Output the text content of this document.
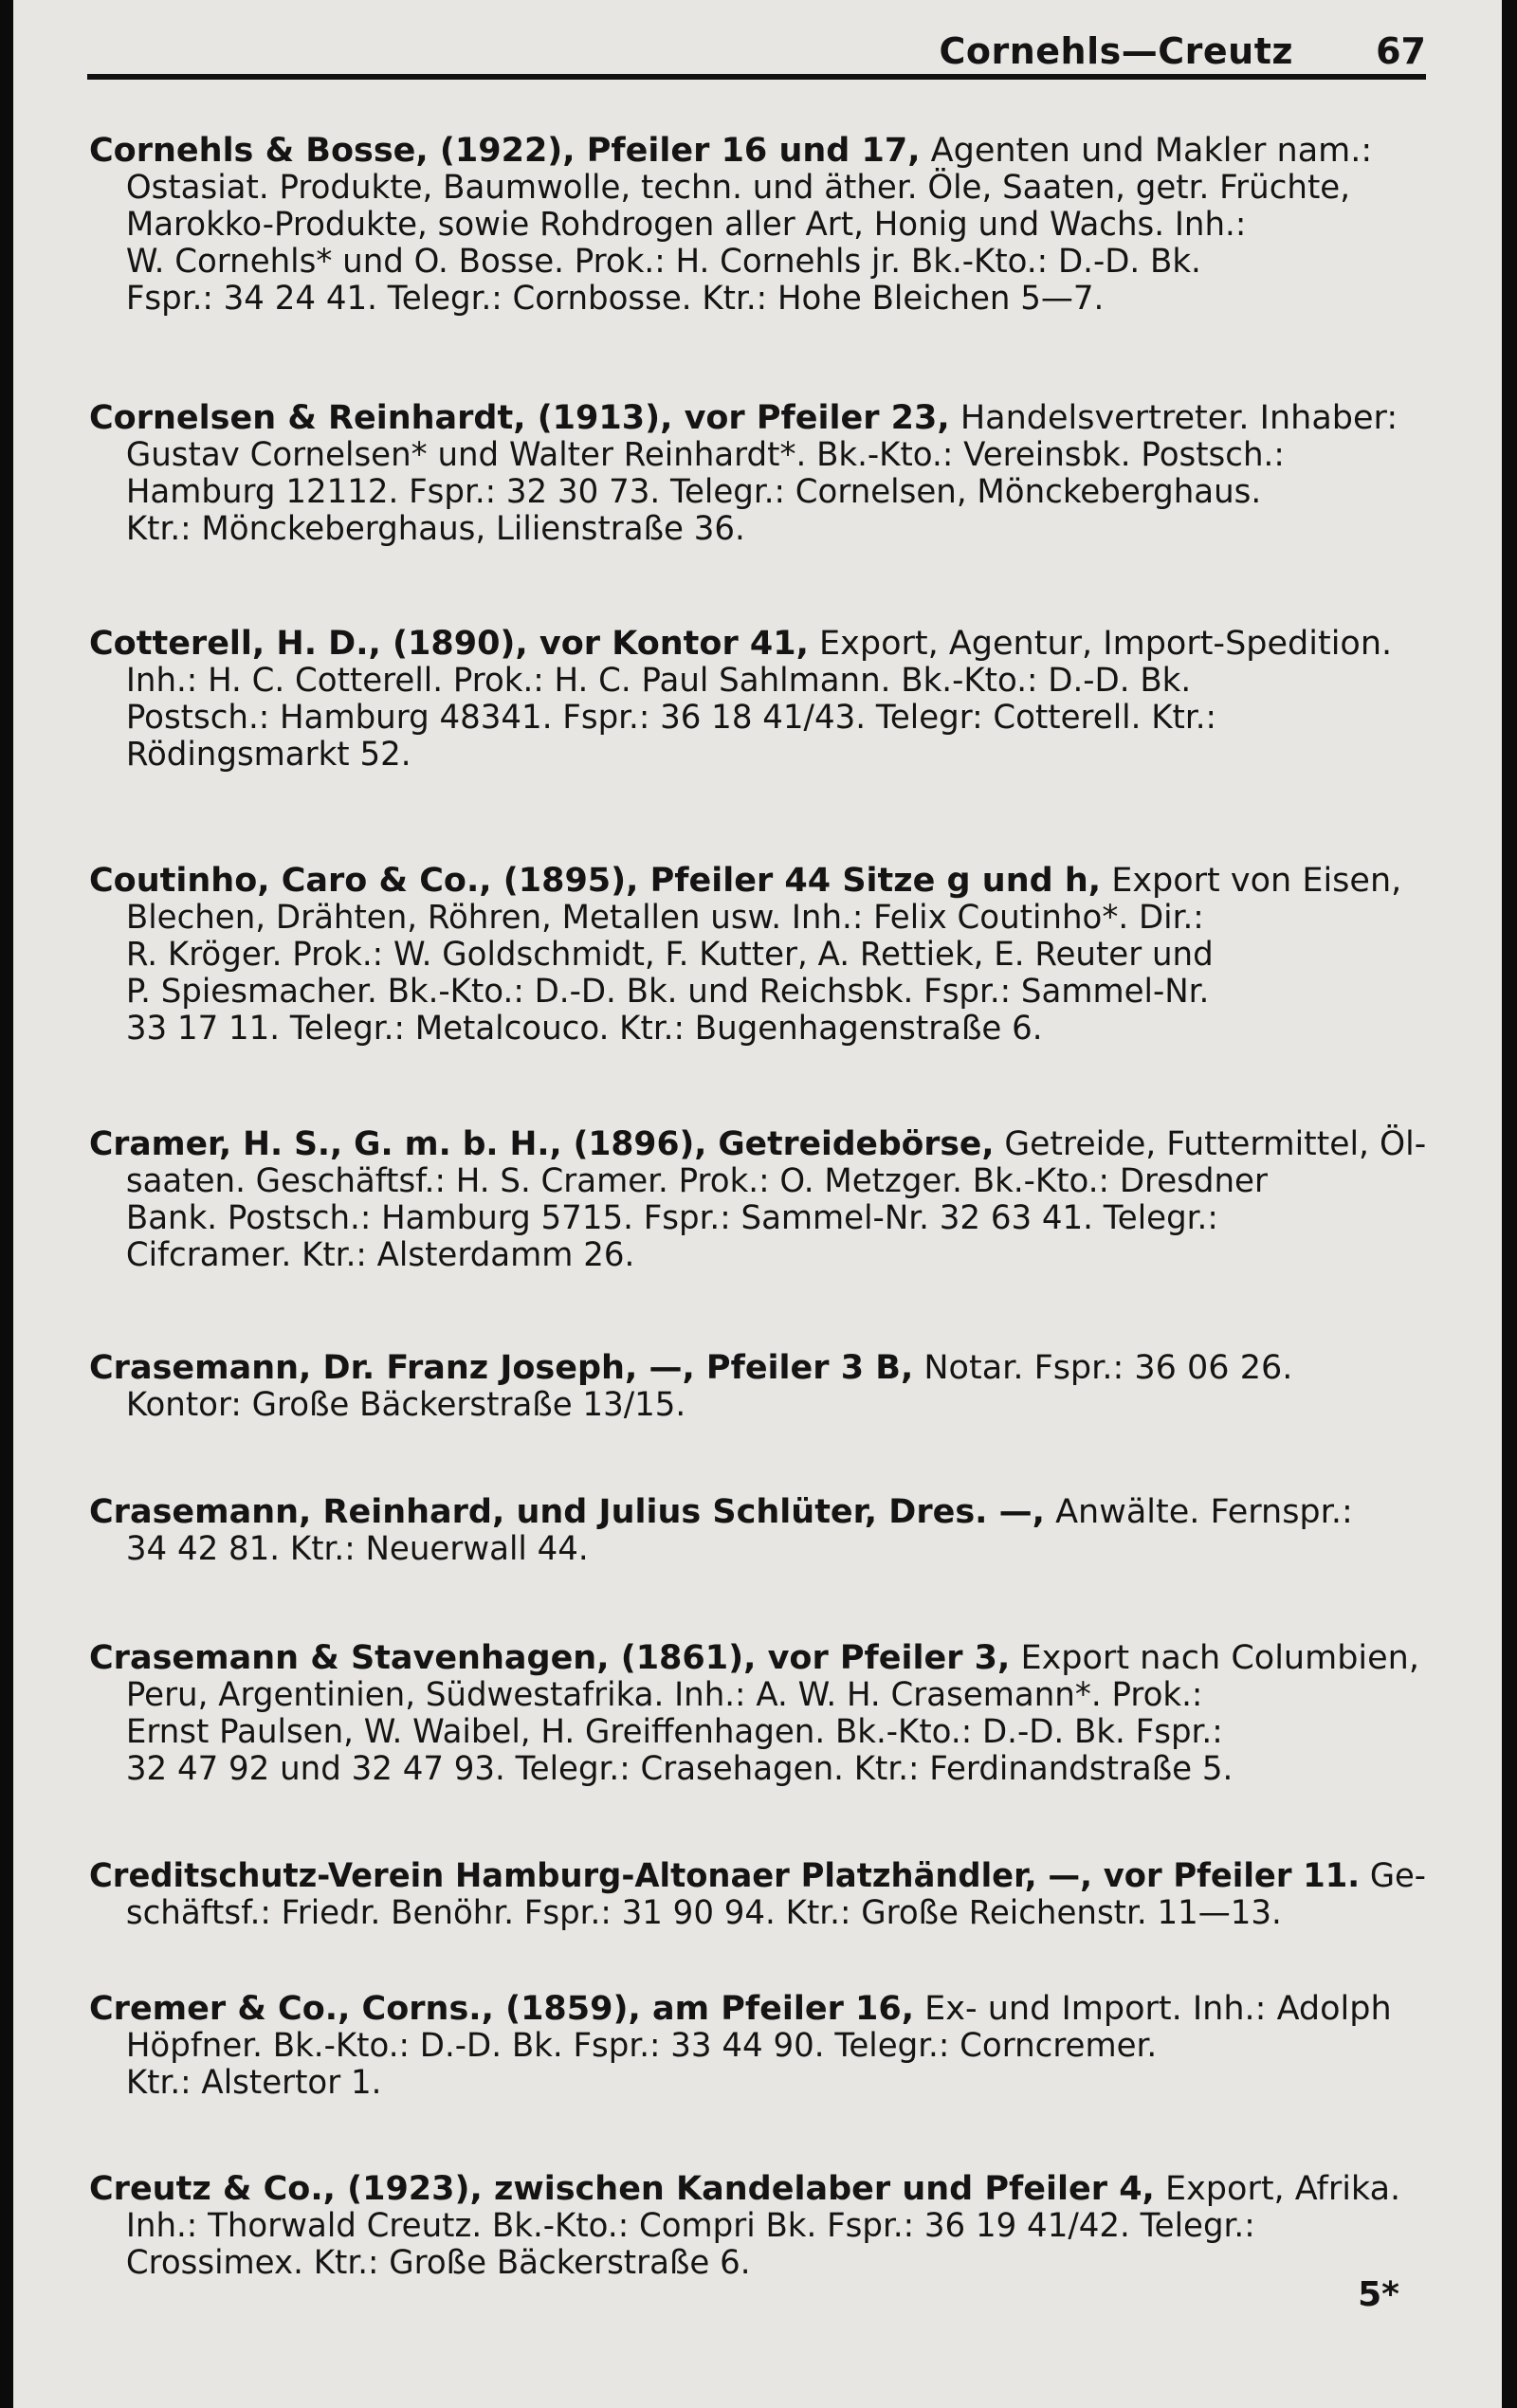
Cornehls—Creutz 67
Cornehls & Bosse, (1922), Pfeiler 16 und 17, Agenten und Makler nam.:
Ostasiat. Produkte, Baumwolle, techn. und äther. Öle, Saaten, getr. Früchte,
Marokko-Produkte, sowie Rohdrogen aller Art, Honig und Wachs. Inh.:
W. Cornehls* und O. Bosse. Prok.: H. Cornehls jr. Bk.-Kto.: D.-D. Bk.
Fspr.: 34 24 41. Telegr.: Cornbosse. Ktr.: Hohe Bleichen 5—7.
Cornelsen & Reinhardt, (1913), vor Pfeiler 23, Handelsvertreter. Inhaber:
Gustav Cornelsen* und Walter Reinhardt*. Bk.-Kto.: Vereinsbk. Postsch.:
Hamburg 12112. Fspr.: 32 30 73. Telegr.: Cornelsen, Mönckeberghaus.
Ktr.: Mönckeberghaus, Lilienstraße 36.
Cotterell, H. D., (1890), vor Kontor 41, Export, Agentur, Import-Spedition.
Inh.: H. C. Cotterell. Prok.: H. C. Paul Sahlmann. Bk.-Kto.: D.-D. Bk.
Postsch.: Hamburg 48341. Fspr.: 36 18 41/43. Telegr: Cotterell. Ktr.:
Rödingsmarkt 52.
Coutinho, Caro & Co., (1895), Pfeiler 44 Sitze g und h, Export von Eisen,
Blechen, Drähten, Röhren, Metallen usw. Inh.: Felix Coutinho*. Dir.:
R. Kröger. Prok.: W. Goldschmidt, F. Kutter, A. Rettiek, E. Reuter und
P. Spiesmacher. Bk.-Kto.: D.-D. Bk. und Reichsbk. Fspr.: Sammel-Nr.
33 17 11. Telegr.: Metalcouco. Ktr.: Bugenhagenstraße 6.
Cramer, H. S., G. m. b. H., (1896), Getreidebörse, Getreide, Futtermittel, Öl-
saaten. Geschäftsf.: H. S. Cramer. Prok.: O. Metzger. Bk.-Kto.: Dresdner
Bank. Postsch.: Hamburg 5715. Fspr.: Sammel-Nr. 32 63 41. Telegr.:
Cifcramer. Ktr.: Alsterdamm 26.
Crasemann, Dr. Franz Joseph, —, Pfeiler 3 B, Notar. Fspr.: 36 06 26.
Kontor: Große Bäckerstraße 13/15.
Crasemann, Reinhard, und Julius Schlüter, Dres. —, Anwälte. Fernspr.:
34 42 81. Ktr.: Neuerwall 44.
Crasemann & Stavenhagen, (1861), vor Pfeiler 3, Export nach Columbien,
Peru, Argentinien, Südwestafrika. Inh.: A. W. H. Crasemann*. Prok.:
Ernst Paulsen, W. Waibel, H. Greiffenhagen. Bk.-Kto.: D.-D. Bk. Fspr.:
32 47 92 und 32 47 93. Telegr.: Crasehagen. Ktr.: Ferdinandstraße 5.
Creditschutz-Verein Hamburg-Altonaer Platzhändler, —, vor Pfeiler 11. Ge-
schäftsf.: Friedr. Benöhr. Fspr.: 31 90 94. Ktr.: Große Reichenstr. 11—13.
Cremer & Co., Corns., (1859), am Pfeiler 16, Ex- und Import. Inh.: Adolph
Höpfner. Bk.-Kto.: D.-D. Bk. Fspr.: 33 44 90. Telegr.: Corncremer.
Ktr.: Alstertor 1.
Creutz & Co., (1923), zwischen Kandelaber und Pfeiler 4, Export, Afrika.
Inh.: Thorwald Creutz. Bk.-Kto.: Compri Bk. Fspr.: 36 19 41/42. Telegr.:
Crossimex. Ktr.: Große Bäckerstraße 6.
5*
